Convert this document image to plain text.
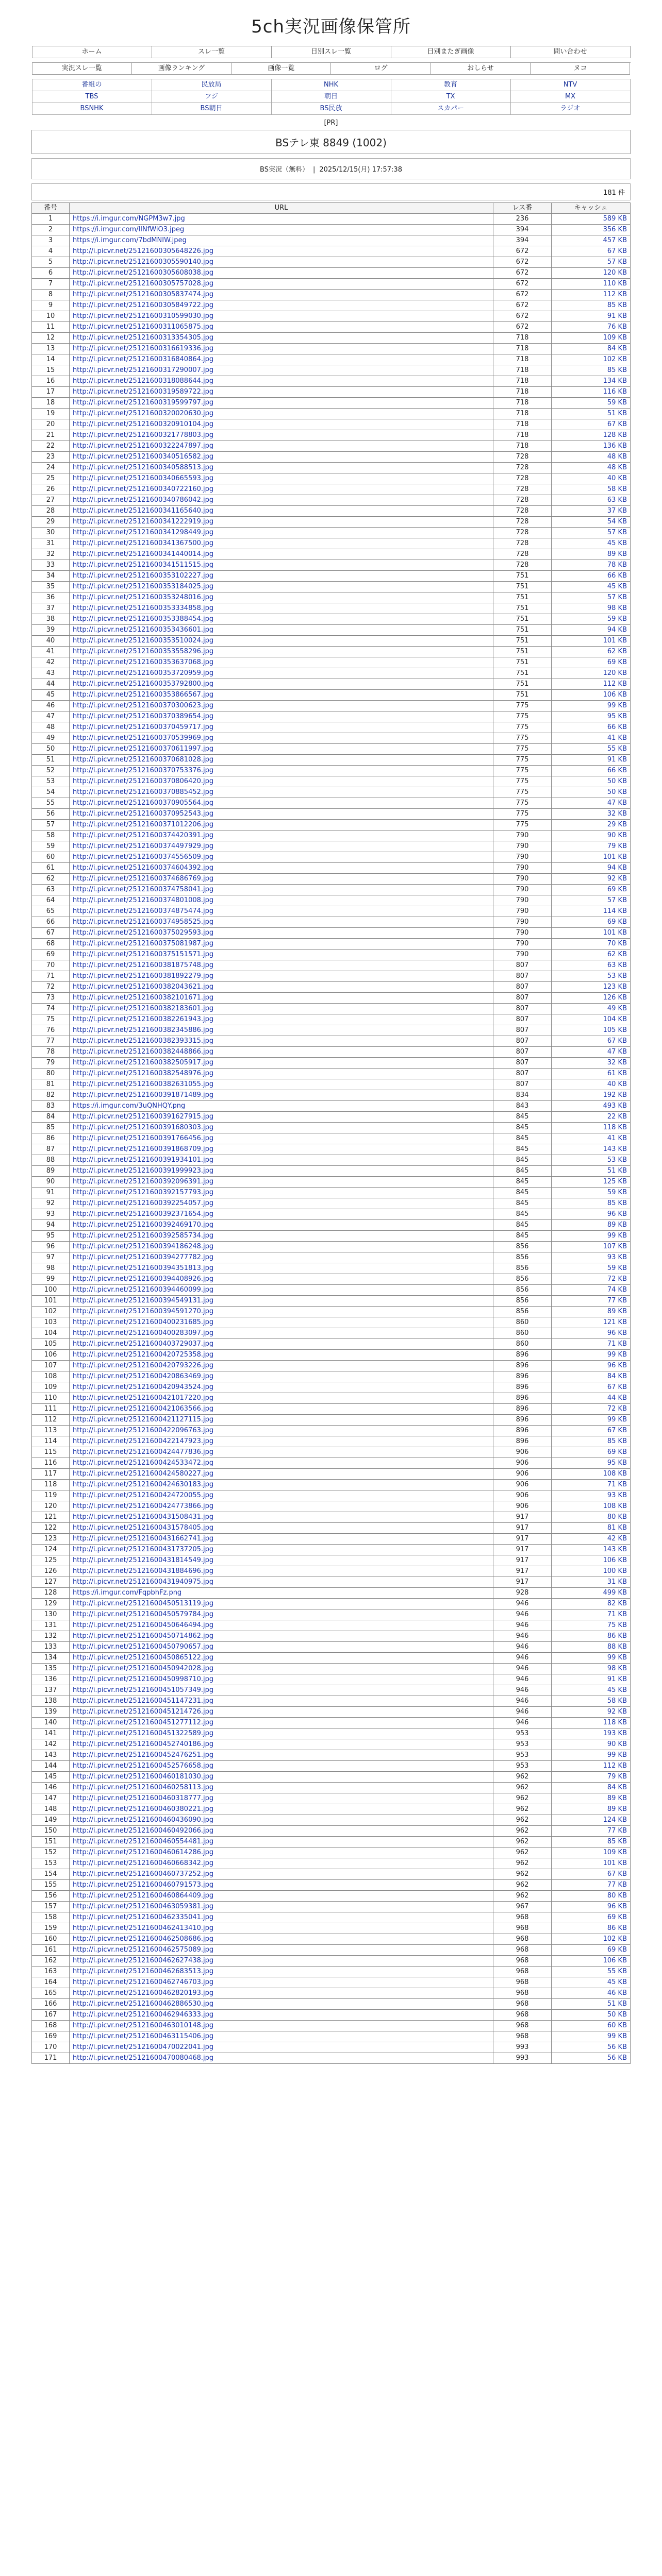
5ch実況画像保管所
ホーム	スレ一覧	日別スレ一覧	日別またぎ画像	問い合わせ
実況スレ一覧	画像ランキング	画像一覧	ログ	おしらせ	ヌコ
番組の	民放局	NHK	教育	NTV
TBS	フジ	朝日	TX	MX
BSNHK	BS朝日	BS民放	スカパー	ラジオ
[PR]
BSテレ東 8849 (1002)
BS実況（無料） | 2025/12/15(月) 17:57:38
181 件
番号	URL	レス番	キャッシュ
1	https://i.imgur.com/NGPM3w7.jpg	236	589 KB
2	https://i.imgur.com/lINfWiO3.jpeg	394	356 KB
3	https://i.imgur.com/7bdMNIW.jpeg	394	457 KB
4	http://i.picvr.net/25121600305648226.jpg	672	67 KB
5	http://i.picvr.net/25121600305590140.jpg	672	57 KB
6	http://i.picvr.net/25121600305608038.jpg	672	120 KB
7	http://i.picvr.net/25121600305757028.jpg	672	110 KB
8	http://i.picvr.net/25121600305837474.jpg	672	112 KB
9	http://i.picvr.net/25121600305849722.jpg	672	85 KB
10	http://i.picvr.net/25121600310599030.jpg	672	91 KB
11	http://i.picvr.net/25121600311065875.jpg	672	76 KB
12	http://i.picvr.net/25121600313354305.jpg	718	109 KB
13	http://i.picvr.net/25121600316619336.jpg	718	84 KB
14	http://i.picvr.net/25121600316840864.jpg	718	102 KB
15	http://i.picvr.net/25121600317290007.jpg	718	85 KB
16	http://i.picvr.net/25121600318088644.jpg	718	134 KB
17	http://i.picvr.net/25121600319589722.jpg	718	116 KB
18	http://i.picvr.net/25121600319599797.jpg	718	59 KB
19	http://i.picvr.net/25121600320020630.jpg	718	51 KB
20	http://i.picvr.net/25121600320910104.jpg	718	67 KB
21	http://i.picvr.net/25121600321778803.jpg	718	128 KB
22	http://i.picvr.net/25121600322247897.jpg	718	136 KB
23	http://i.picvr.net/25121600340516582.jpg	728	48 KB
24	http://i.picvr.net/25121600340588513.jpg	728	48 KB
25	http://i.picvr.net/25121600340665593.jpg	728	40 KB
26	http://i.picvr.net/25121600340722160.jpg	728	58 KB
27	http://i.picvr.net/25121600340786042.jpg	728	63 KB
28	http://i.picvr.net/25121600341165640.jpg	728	37 KB
29	http://i.picvr.net/25121600341222919.jpg	728	54 KB
30	http://i.picvr.net/25121600341298449.jpg	728	57 KB
31	http://i.picvr.net/25121600341367500.jpg	728	45 KB
32	http://i.picvr.net/25121600341440014.jpg	728	89 KB
33	http://i.picvr.net/25121600341511515.jpg	728	78 KB
34	http://i.picvr.net/25121600353102227.jpg	751	66 KB
35	http://i.picvr.net/25121600353184025.jpg	751	45 KB
36	http://i.picvr.net/25121600353248016.jpg	751	57 KB
37	http://i.picvr.net/25121600353334858.jpg	751	98 KB
38	http://i.picvr.net/25121600353388454.jpg	751	59 KB
39	http://i.picvr.net/25121600353436601.jpg	751	94 KB
40	http://i.picvr.net/25121600353510024.jpg	751	101 KB
41	http://i.picvr.net/25121600353558296.jpg	751	62 KB
42	http://i.picvr.net/25121600353637068.jpg	751	69 KB
43	http://i.picvr.net/25121600353720959.jpg	751	120 KB
44	http://i.picvr.net/25121600353792800.jpg	751	112 KB
45	http://i.picvr.net/25121600353866567.jpg	751	106 KB
46	http://i.picvr.net/25121600370300623.jpg	775	99 KB
47	http://i.picvr.net/25121600370389654.jpg	775	95 KB
48	http://i.picvr.net/25121600370459717.jpg	775	66 KB
49	http://i.picvr.net/25121600370539969.jpg	775	41 KB
50	http://i.picvr.net/25121600370611997.jpg	775	55 KB
51	http://i.picvr.net/25121600370681028.jpg	775	91 KB
52	http://i.picvr.net/25121600370753376.jpg	775	66 KB
53	http://i.picvr.net/25121600370806420.jpg	775	50 KB
54	http://i.picvr.net/25121600370885452.jpg	775	50 KB
55	http://i.picvr.net/25121600370905564.jpg	775	47 KB
56	http://i.picvr.net/25121600370952543.jpg	775	32 KB
57	http://i.picvr.net/25121600371012206.jpg	775	29 KB
58	http://i.picvr.net/25121600374420391.jpg	790	90 KB
59	http://i.picvr.net/25121600374497929.jpg	790	79 KB
60	http://i.picvr.net/25121600374556509.jpg	790	101 KB
61	http://i.picvr.net/25121600374604392.jpg	790	94 KB
62	http://i.picvr.net/25121600374686769.jpg	790	92 KB
63	http://i.picvr.net/25121600374758041.jpg	790	69 KB
64	http://i.picvr.net/25121600374801008.jpg	790	57 KB
65	http://i.picvr.net/25121600374875474.jpg	790	114 KB
66	http://i.picvr.net/25121600374958525.jpg	790	69 KB
67	http://i.picvr.net/25121600375029593.jpg	790	101 KB
68	http://i.picvr.net/25121600375081987.jpg	790	70 KB
69	http://i.picvr.net/25121600375151571.jpg	790	62 KB
70	http://i.picvr.net/25121600381875748.jpg	807	63 KB
71	http://i.picvr.net/25121600381892279.jpg	807	53 KB
72	http://i.picvr.net/25121600382043621.jpg	807	123 KB
73	http://i.picvr.net/25121600382101671.jpg	807	126 KB
74	http://i.picvr.net/25121600382183601.jpg	807	49 KB
75	http://i.picvr.net/25121600382261943.jpg	807	104 KB
76	http://i.picvr.net/25121600382345886.jpg	807	105 KB
77	http://i.picvr.net/25121600382393315.jpg	807	67 KB
78	http://i.picvr.net/25121600382448866.jpg	807	47 KB
79	http://i.picvr.net/25121600382505917.jpg	807	32 KB
80	http://i.picvr.net/25121600382548976.jpg	807	61 KB
81	http://i.picvr.net/25121600382631055.jpg	807	40 KB
82	http://i.picvr.net/25121600391871489.jpg	834	192 KB
83	https://i.imgur.com/3uQNHQY.png	843	493 KB
84	http://i.picvr.net/25121600391627915.jpg	845	22 KB
85	http://i.picvr.net/25121600391680303.jpg	845	118 KB
86	http://i.picvr.net/25121600391766456.jpg	845	41 KB
87	http://i.picvr.net/25121600391868709.jpg	845	143 KB
88	http://i.picvr.net/25121600391934101.jpg	845	53 KB
89	http://i.picvr.net/25121600391999923.jpg	845	51 KB
90	http://i.picvr.net/25121600392096391.jpg	845	125 KB
91	http://i.picvr.net/25121600392157793.jpg	845	59 KB
92	http://i.picvr.net/25121600392254057.jpg	845	85 KB
93	http://i.picvr.net/25121600392371654.jpg	845	96 KB
94	http://i.picvr.net/25121600392469170.jpg	845	89 KB
95	http://i.picvr.net/25121600392585734.jpg	845	99 KB
96	http://i.picvr.net/25121600394186248.jpg	856	107 KB
97	http://i.picvr.net/25121600394277782.jpg	856	93 KB
98	http://i.picvr.net/25121600394351813.jpg	856	59 KB
99	http://i.picvr.net/25121600394408926.jpg	856	72 KB
100	http://i.picvr.net/25121600394460099.jpg	856	74 KB
101	http://i.picvr.net/25121600394549131.jpg	856	77 KB
102	http://i.picvr.net/25121600394591270.jpg	856	89 KB
103	http://i.picvr.net/25121600400231685.jpg	860	121 KB
104	http://i.picvr.net/25121600400283097.jpg	860	96 KB
105	http://i.picvr.net/25121600403729037.jpg	860	71 KB
106	http://i.picvr.net/25121600420725358.jpg	896	99 KB
107	http://i.picvr.net/25121600420793226.jpg	896	96 KB
108	http://i.picvr.net/25121600420863469.jpg	896	84 KB
109	http://i.picvr.net/25121600420943524.jpg	896	67 KB
110	http://i.picvr.net/25121600421017220.jpg	896	44 KB
111	http://i.picvr.net/25121600421063566.jpg	896	72 KB
112	http://i.picvr.net/25121600421127115.jpg	896	99 KB
113	http://i.picvr.net/25121600422096763.jpg	896	67 KB
114	http://i.picvr.net/25121600422147923.jpg	896	85 KB
115	http://i.picvr.net/25121600424477836.jpg	906	69 KB
116	http://i.picvr.net/25121600424533472.jpg	906	95 KB
117	http://i.picvr.net/25121600424580227.jpg	906	108 KB
118	http://i.picvr.net/25121600424630183.jpg	906	71 KB
119	http://i.picvr.net/25121600424720055.jpg	906	93 KB
120	http://i.picvr.net/25121600424773866.jpg	906	108 KB
121	http://i.picvr.net/25121600431508431.jpg	917	80 KB
122	http://i.picvr.net/25121600431578405.jpg	917	81 KB
123	http://i.picvr.net/25121600431662741.jpg	917	42 KB
124	http://i.picvr.net/25121600431737205.jpg	917	143 KB
125	http://i.picvr.net/25121600431814549.jpg	917	106 KB
126	http://i.picvr.net/25121600431884696.jpg	917	100 KB
127	http://i.picvr.net/25121600431940975.jpg	917	31 KB
128	https://i.imgur.com/FqpbhFz.png	928	499 KB
129	http://i.picvr.net/25121600450513119.jpg	946	82 KB
130	http://i.picvr.net/25121600450579784.jpg	946	71 KB
131	http://i.picvr.net/25121600450646494.jpg	946	75 KB
132	http://i.picvr.net/25121600450714862.jpg	946	86 KB
133	http://i.picvr.net/25121600450790657.jpg	946	88 KB
134	http://i.picvr.net/25121600450865122.jpg	946	99 KB
135	http://i.picvr.net/25121600450942028.jpg	946	98 KB
136	http://i.picvr.net/25121600450998710.jpg	946	91 KB
137	http://i.picvr.net/25121600451057349.jpg	946	45 KB
138	http://i.picvr.net/25121600451147231.jpg	946	58 KB
139	http://i.picvr.net/25121600451214726.jpg	946	92 KB
140	http://i.picvr.net/25121600451277112.jpg	946	118 KB
141	http://i.picvr.net/25121600451322589.jpg	953	193 KB
142	http://i.picvr.net/25121600452740186.jpg	953	90 KB
143	http://i.picvr.net/25121600452476251.jpg	953	99 KB
144	http://i.picvr.net/25121600452576658.jpg	953	112 KB
145	http://i.picvr.net/25121600460181030.jpg	962	79 KB
146	http://i.picvr.net/25121600460258113.jpg	962	84 KB
147	http://i.picvr.net/25121600460318777.jpg	962	89 KB
148	http://i.picvr.net/25121600460380221.jpg	962	89 KB
149	http://i.picvr.net/25121600460436090.jpg	962	124 KB
150	http://i.picvr.net/25121600460492066.jpg	962	77 KB
151	http://i.picvr.net/25121600460554481.jpg	962	85 KB
152	http://i.picvr.net/25121600460614286.jpg	962	109 KB
153	http://i.picvr.net/25121600460668342.jpg	962	101 KB
154	http://i.picvr.net/25121600460737252.jpg	962	67 KB
155	http://i.picvr.net/25121600460791573.jpg	962	77 KB
156	http://i.picvr.net/25121600460864409.jpg	962	80 KB
157	http://i.picvr.net/25121600463059381.jpg	967	96 KB
158	http://i.picvr.net/25121600462335041.jpg	968	69 KB
159	http://i.picvr.net/25121600462413410.jpg	968	86 KB
160	http://i.picvr.net/25121600462508686.jpg	968	102 KB
161	http://i.picvr.net/25121600462575089.jpg	968	69 KB
162	http://i.picvr.net/25121600462627438.jpg	968	106 KB
163	http://i.picvr.net/25121600462683513.jpg	968	55 KB
164	http://i.picvr.net/25121600462746703.jpg	968	45 KB
165	http://i.picvr.net/25121600462820193.jpg	968	46 KB
166	http://i.picvr.net/25121600462886530.jpg	968	51 KB
167	http://i.picvr.net/25121600462946333.jpg	968	50 KB
168	http://i.picvr.net/25121600463010148.jpg	968	60 KB
169	http://i.picvr.net/25121600463115406.jpg	968	99 KB
170	http://i.picvr.net/25121600470022041.jpg	993	56 KB
171	http://i.picvr.net/25121600470080468.jpg	993	56 KB
